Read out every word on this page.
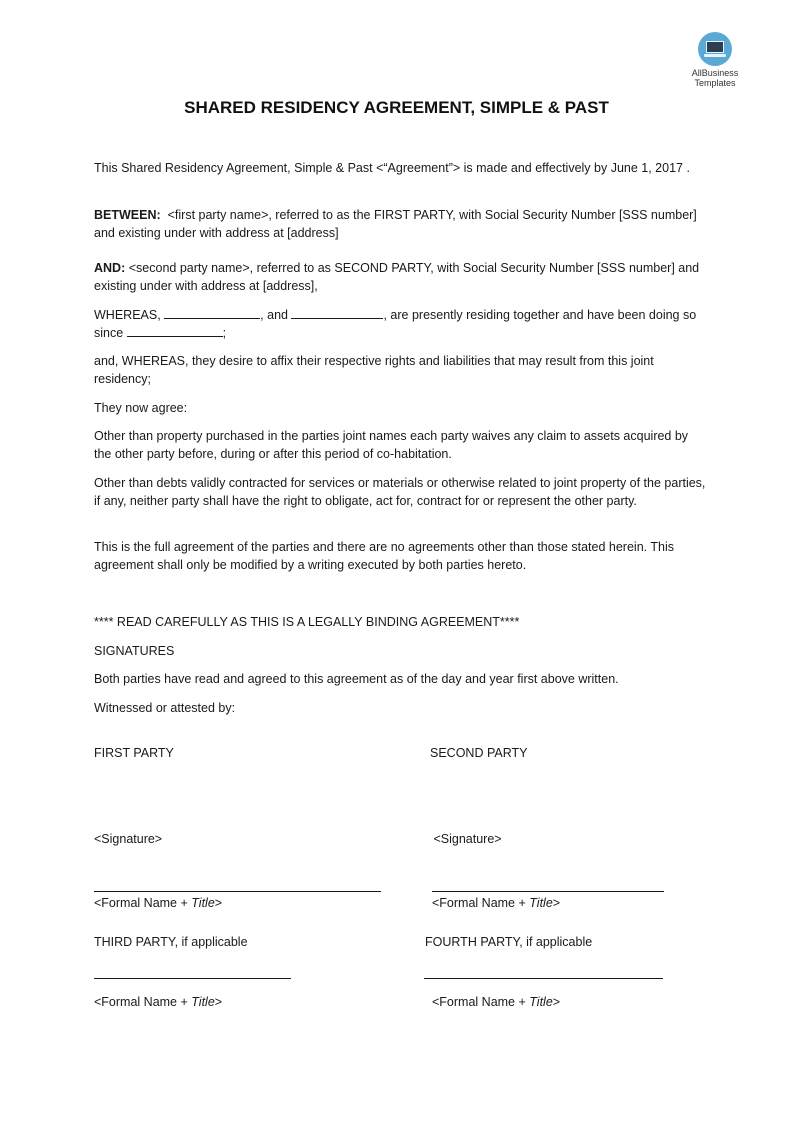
AllBusiness
Templates
SHARED RESIDENCY AGREEMENT, SIMPLE & PAST

This Shared Residency Agreement, Simple & Past <“Agreement”> is made and effectively by June 1, 2017 .

BETWEEN: <first party name>, referred to as the FIRST PARTY, with Social Security Number [SSS number] and existing under with address at [address]

AND: <second party name>, referred to as SECOND PARTY, with Social Security Number [SSS number] and existing under with address at [address],

WHEREAS,	, and	, are presently residing together and have been doing so since	;

and, WHEREAS, they desire to affix their respective rights and liabilities that may result from this joint residency;

They now agree:

Other than property purchased in the parties joint names each party waives any claim to assets acquired by the other party before, during or after this period of co-habitation.

Other than debts validly contracted for services or materials or otherwise related to joint property of the parties, if any, neither party shall have the right to obligate, act for, contract for or represent the other party.

This is the full agreement of the parties and there are no agreements other than those stated herein. This agreement shall only be modified by a writing executed by both parties hereto.

**** READ CAREFULLY AS THIS IS A LEGALLY BINDING AGREEMENT****

SIGNATURES

Both parties have read and agreed to this agreement as of the day and year first above written.

Witnessed or attested by:

FIRST PARTY	SECOND PARTY
<Signature>	<Signature>
<Formal Name + Title>	<Formal Name + Title>
THIRD PARTY, if applicable	FOURTH PARTY, if applicable
<Formal Name + Title>	<Formal Name + Title>
